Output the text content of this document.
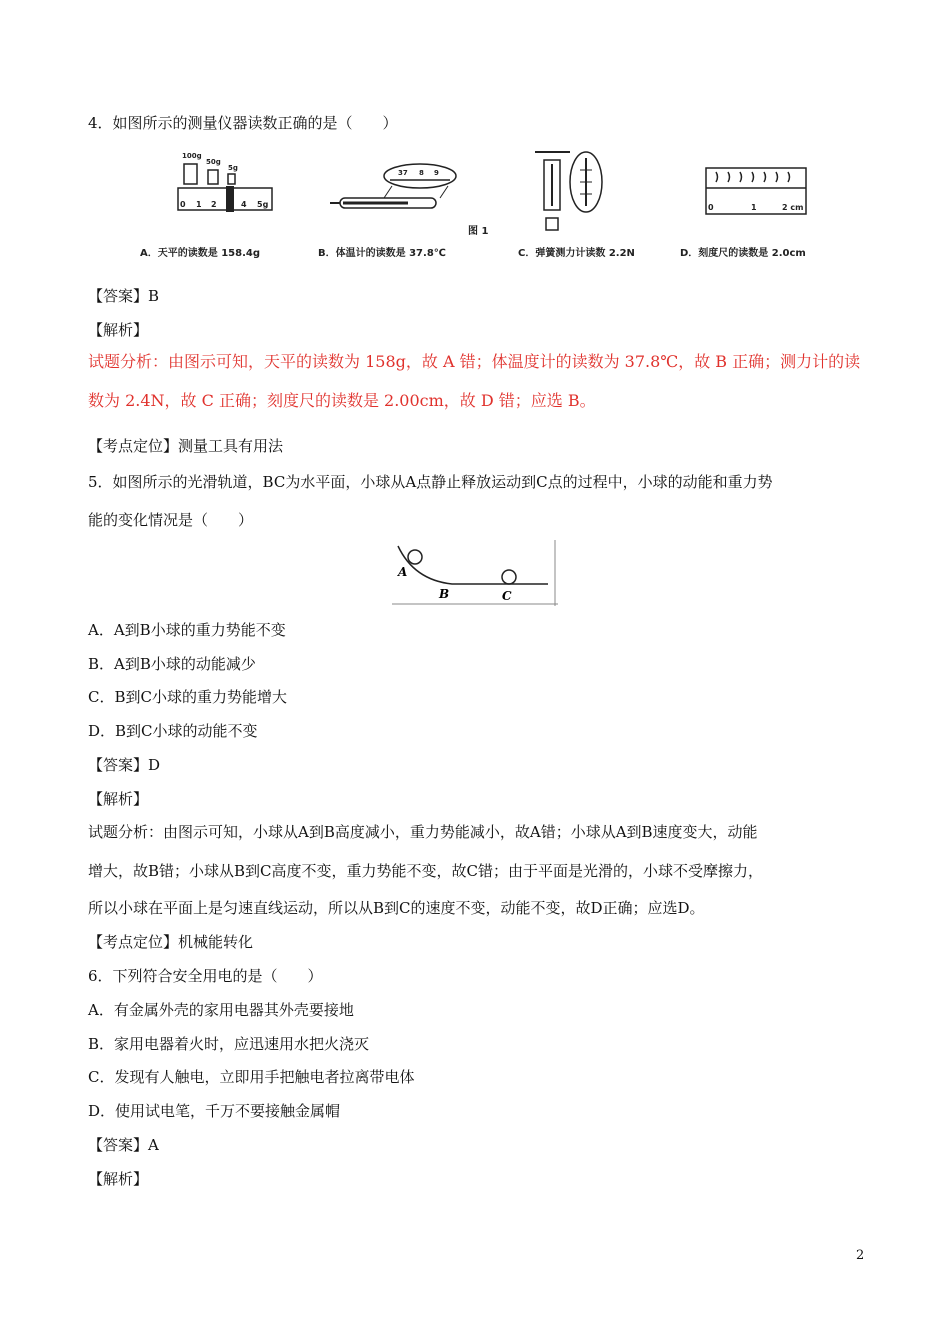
4．如图所示的测量仪器读数正确的是（　　）
100g
50g
5g
0 1 2 3 4 5g
37 8 9
0	1	2 cm
图 1
A．天平的读数是 158.4g	B．体温计的读数是 37.8℃	C．弹簧测力计读数 2.2N	D．刻度尺的读数是 2.0cm
【答案】B
【解析】
试题分析：由图示可知，天平的读数为 158g，故 A 错；体温度计的读数为 37.8℃，故 B 正确；测力计的读
数为 2.4N，故 C 正确；刻度尺的读数是 2.00cm，故 D 错；应选 B。
【考点定位】测量工具有用法
5．如图所示的光滑轨道，BC为水平面，小球从A点静止释放运动到C点的过程中，小球的动能和重力势
能的变化情况是（　　）
A
B	C
A．A到B小球的重力势能不变
B．A到B小球的动能减少
C．B到C小球的重力势能增大
D．B到C小球的动能不变
【答案】D
【解析】
试题分析：由图示可知，小球从A到B高度减小，重力势能减小，故A错；小球从A到B速度变大，动能
增大，故B错；小球从B到C高度不变，重力势能不变，故C错；由于平面是光滑的，小球不受摩擦力，
所以小球在平面上是匀速直线运动，所以从B到C的速度不变，动能不变，故D正确；应选D。
【考点定位】机械能转化
6．下列符合安全用电的是（　　）
A．有金属外壳的家用电器其外壳要接地
B．家用电器着火时，应迅速用水把火浇灭
C．发现有人触电，立即用手把触电者拉离带电体
D．使用试电笔，千万不要接触金属帽
【答案】A
【解析】
2
